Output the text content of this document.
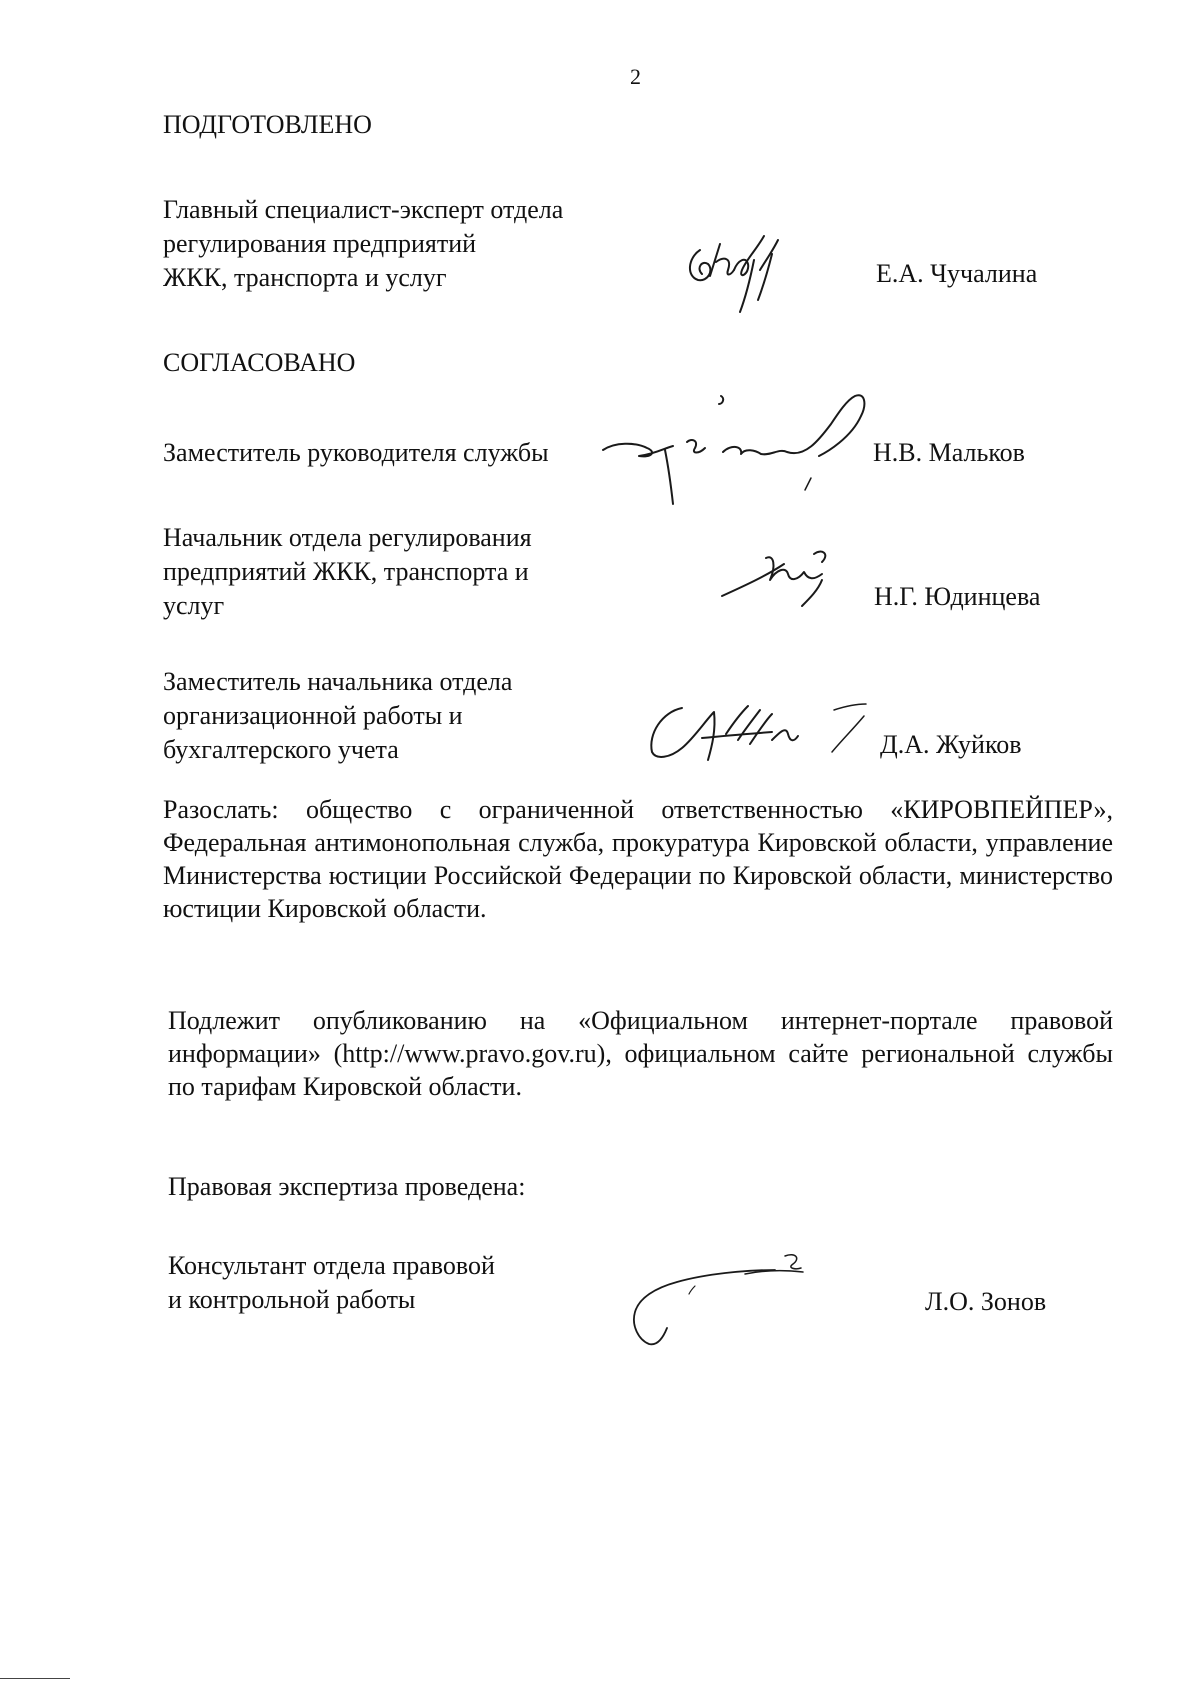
2
ПОДГОТОВЛЕНО
Главный специалист-эксперт отдела
регулирования предприятий
ЖКК, транспорта и услуг	Е.А. Чучалина
СОГЛАСОВАНО
Заместитель руководителя службы	Н.В. Мальков
Начальник отдела регулирования
предприятий ЖКК, транспорта и
услуг	Н.Г. Юдинцева
Заместитель начальника отдела
организационной работы и
бухгалтерского учета	Д.А. Жуйков
Разослать: общество с ограниченной ответственностью «КИРОВПЕЙПЕР», Федеральная антимонопольная служба, прокуратура Кировской области, управление Министерства юстиции Российской Федерации по Кировской области, министерство юстиции Кировской области.
Подлежит опубликованию на «Официальном интернет-портале правовой информации» (http://www.pravo.gov.ru), официальном сайте региональной службы по тарифам Кировской области.
Правовая экспертиза проведена:
Консультант отдела правовой
и контрольной работы	Л.О. Зонов
